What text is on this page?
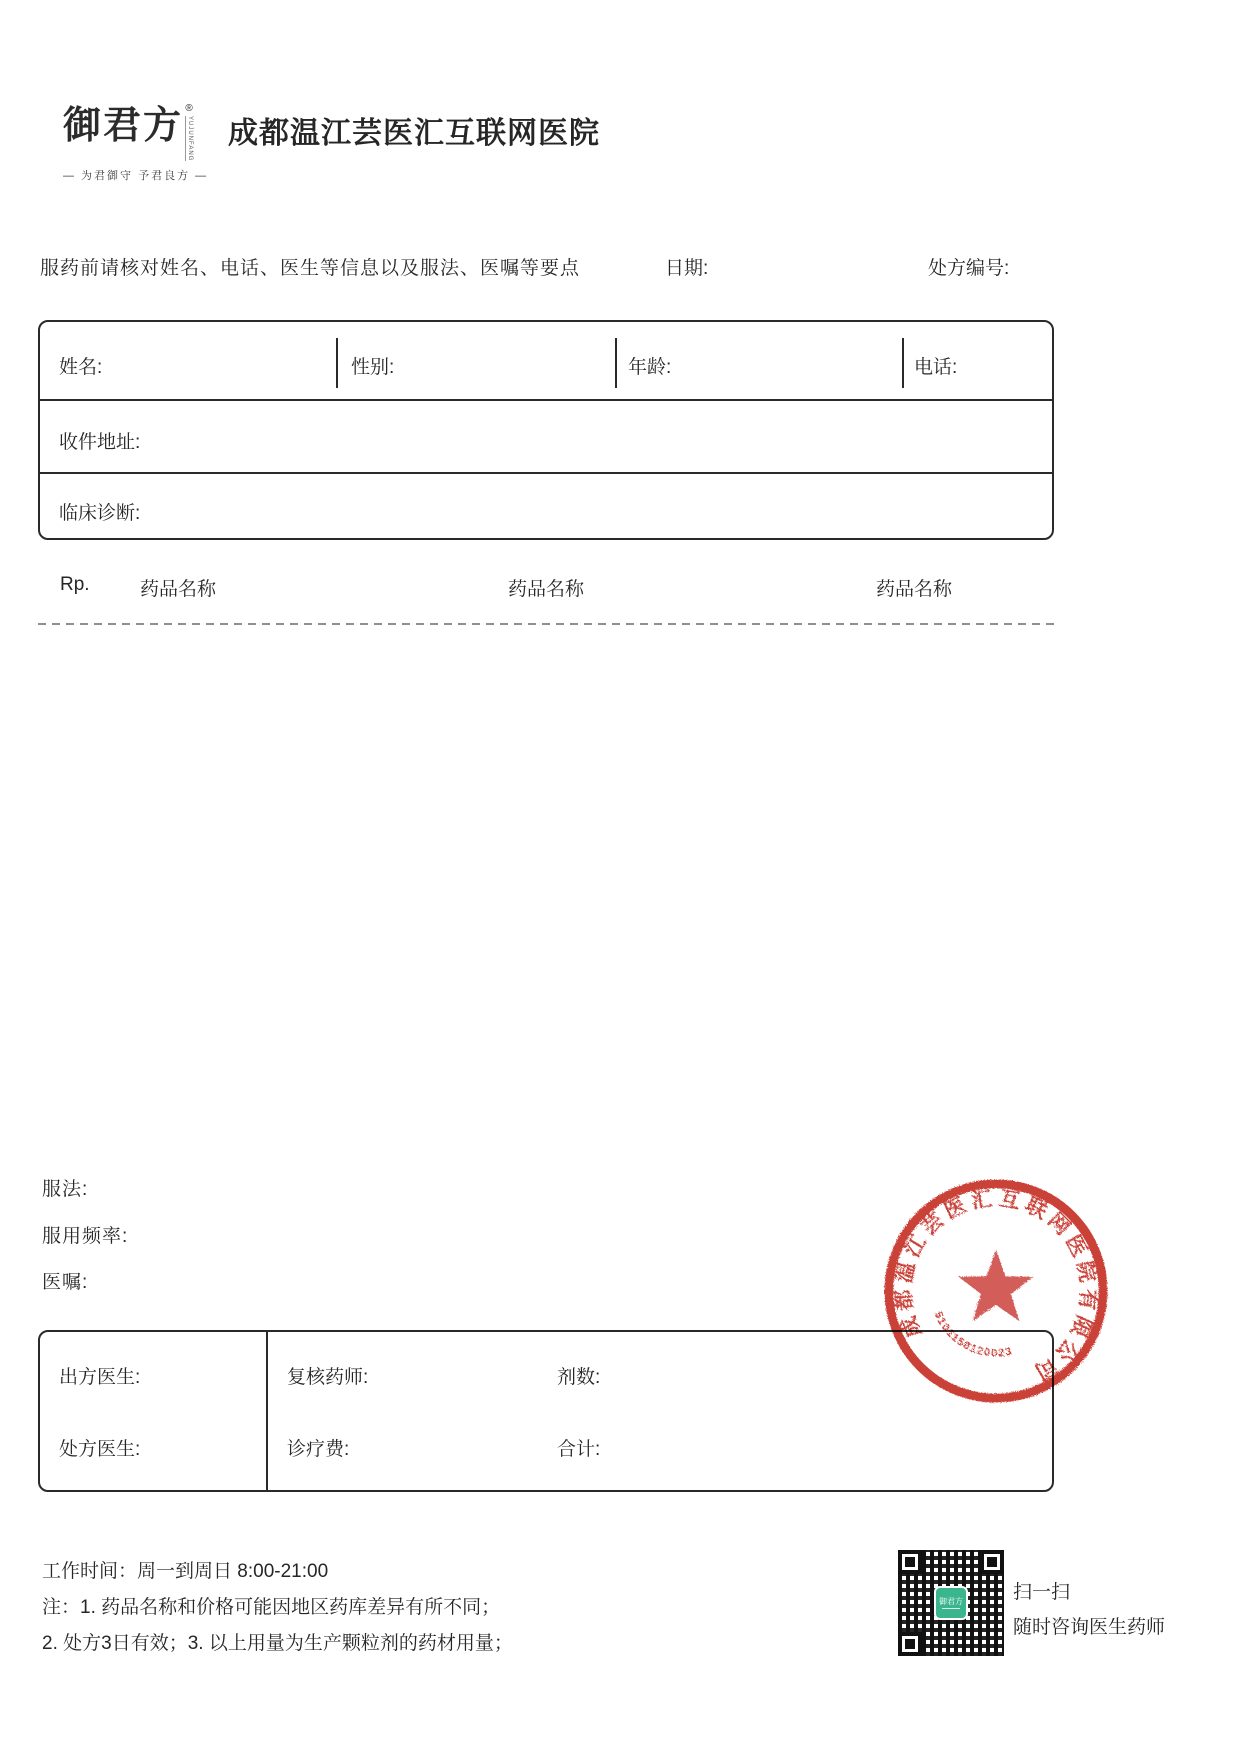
御君方 ®
YUJUNFANG
— 为君御守 予君良方 —
成都温江芸医汇互联网医院
服药前请核对姓名、电话、医生等信息以及服法、医嘱等要点	日期:	处方编号:
姓名:	性别:	年龄:	电话:
收件地址:
临床诊断:
Rp.	药品名称	药品名称	药品名称
服法:
服用频率:
医嘱:
出方医生:	复核药师:	剂数:
处方医生:	诊疗费:	合计:
成都温江芸医汇互联网医院有限公司
5101150120023
工作时间：周一到周日 8:00-21:00
注：1. 药品名称和价格可能因地区药库差异有所不同；
2. 处方3日有效；3. 以上用量为生产颗粒剂的药材用量；
御君方	扫一扫
随时咨询医生药师
